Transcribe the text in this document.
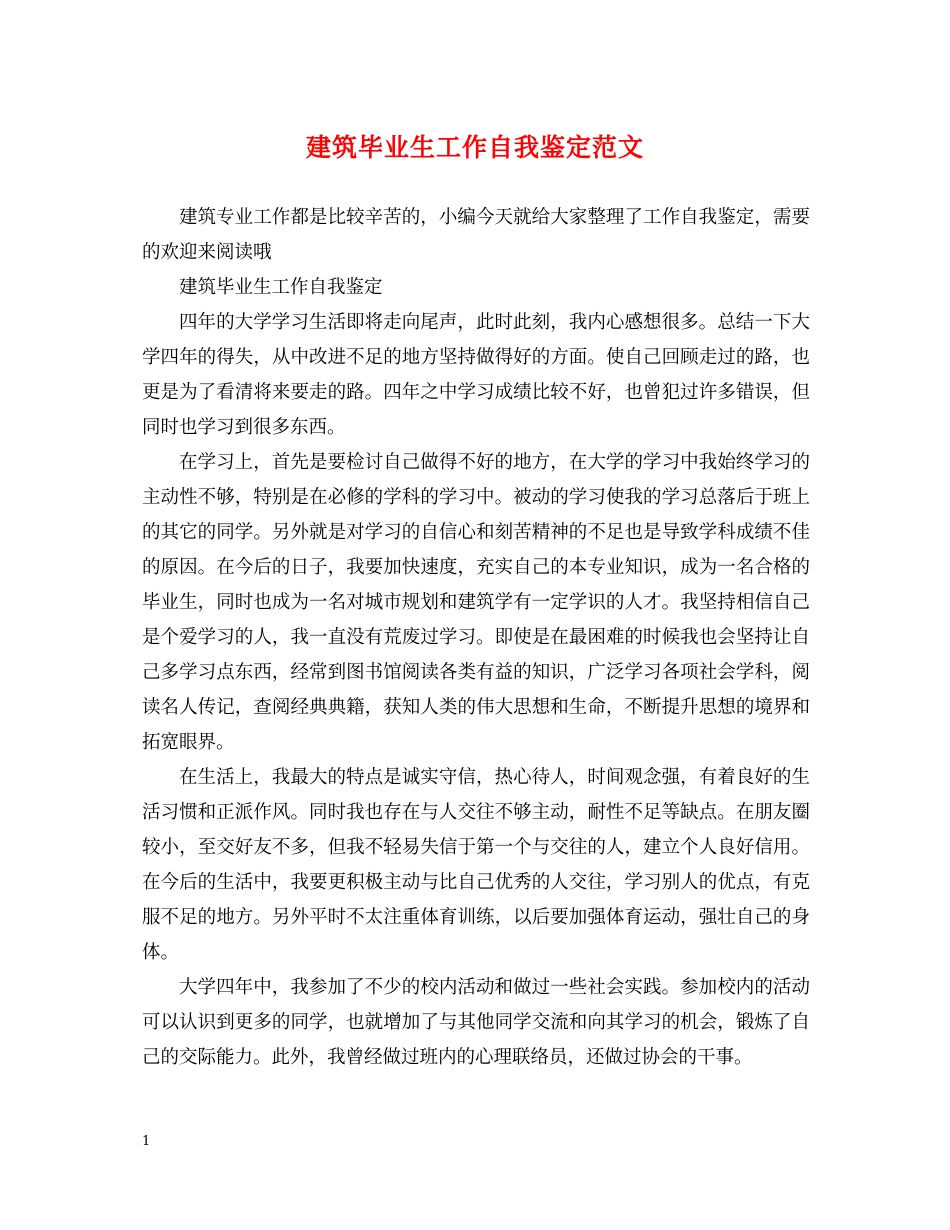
建筑毕业生工作自我鉴定范文

建筑专业工作都是比较辛苦的，小编今天就给大家整理了工作自我鉴定，需要的欢迎来阅读哦

建筑毕业生工作自我鉴定

四年的大学学习生活即将走向尾声，此时此刻，我内心感想很多。总结一下大学四年的得失，从中改进不足的地方坚持做得好的方面。使自己回顾走过的路，也更是为了看清将来要走的路。四年之中学习成绩比较不好，也曾犯过许多错误，但同时也学习到很多东西。

在学习上，首先是要检讨自己做得不好的地方，在大学的学习中我始终学习的主动性不够，特别是在必修的学科的学习中。被动的学习使我的学习总落后于班上的其它的同学。另外就是对学习的自信心和刻苦精神的不足也是导致学科成绩不佳的原因。在今后的日子，我要加快速度，充实自己的本专业知识，成为一名合格的毕业生，同时也成为一名对城市规划和建筑学有一定学识的人才。我坚持相信自己是个爱学习的人，我一直没有荒废过学习。即使是在最困难的时候我也会坚持让自己多学习点东西，经常到图书馆阅读各类有益的知识，广泛学习各项社会学科，阅读名人传记，查阅经典典籍，获知人类的伟大思想和生命，不断提升思想的境界和拓宽眼界。

在生活上，我最大的特点是诚实守信，热心待人，时间观念强，有着良好的生活习惯和正派作风。同时我也存在与人交往不够主动，耐性不足等缺点。在朋友圈较小，至交好友不多，但我不轻易失信于第一个与交往的人，建立个人良好信用。在今后的生活中，我要更积极主动与比自己优秀的人交往，学习别人的优点，有克服不足的地方。另外平时不太注重体育训练，以后要加强体育运动，强壮自己的身体。

大学四年中，我参加了不少的校内活动和做过一些社会实践。参加校内的活动可以认识到更多的同学，也就增加了与其他同学交流和向其学习的机会，锻炼了自己的交际能力。此外，我曾经做过班内的心理联络员，还做过协会的干事。

1
